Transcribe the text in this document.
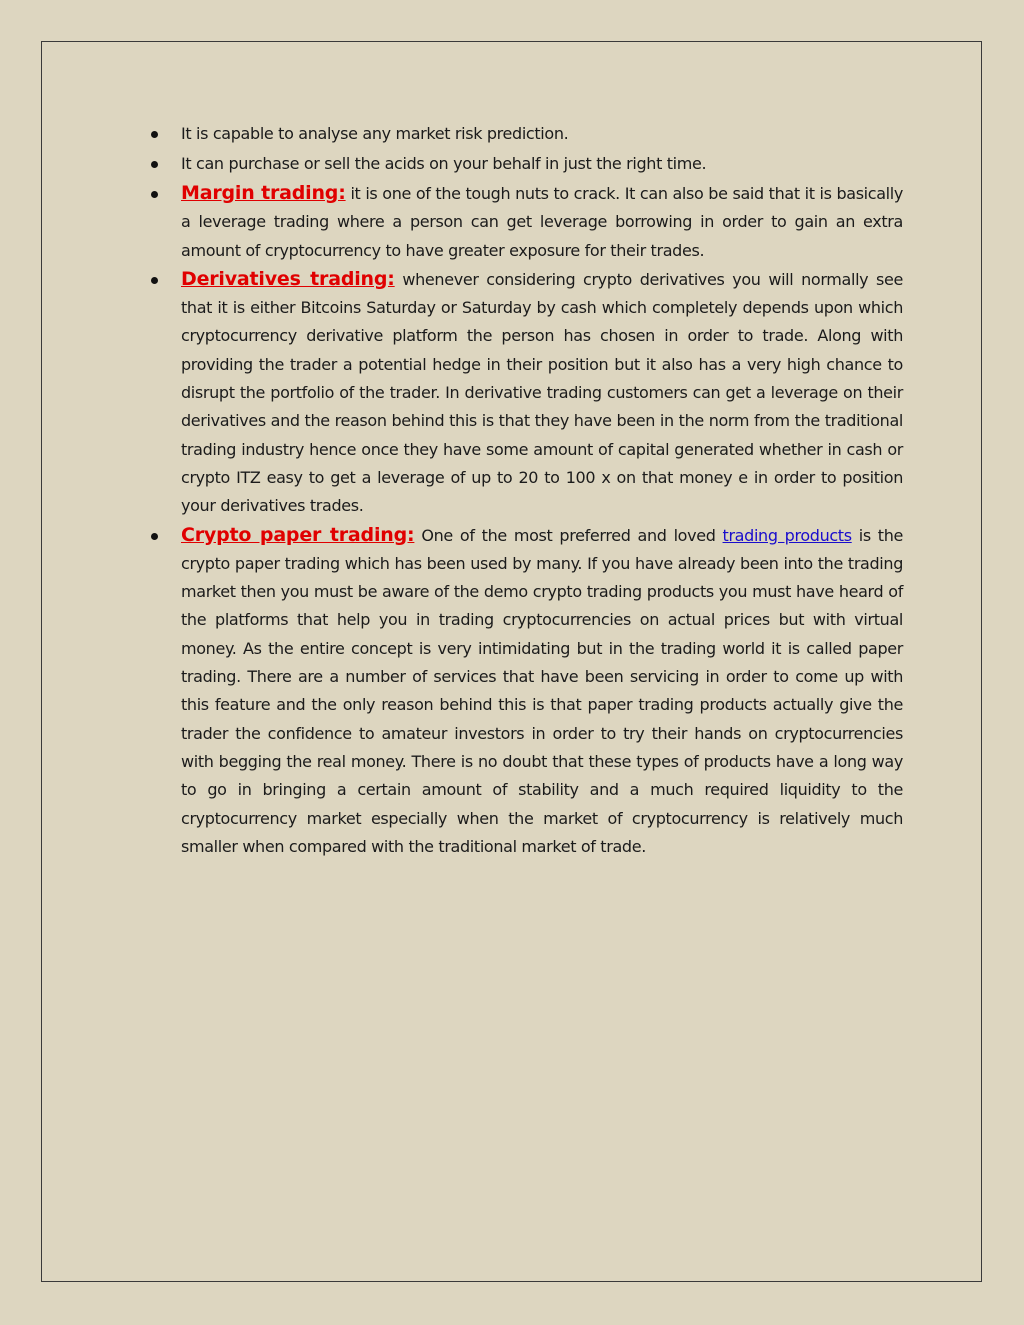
It is capable to analyse any market risk prediction.
It can purchase or sell the acids on your behalf in just the right time.
Margin trading: it is one of the tough nuts to crack. It can also be said that it is basically a leverage trading where a person can get leverage borrowing in order to gain an extra amount of cryptocurrency to have greater exposure for their trades.
Derivatives trading: whenever considering crypto derivatives you will normally see that it is either Bitcoins Saturday or Saturday by cash which completely depends upon which cryptocurrency derivative platform the person has chosen in order to trade. Along with providing the trader a potential hedge in their position but it also has a very high chance to disrupt the portfolio of the trader. In derivative trading customers can get a leverage on their derivatives and the reason behind this is that they have been in the norm from the traditional trading industry hence once they have some amount of capital generated whether in cash or crypto ITZ easy to get a leverage of up to 20 to 100 x on that money e in order to position your derivatives trades.
Crypto paper trading: One of the most preferred and loved trading products is the crypto paper trading which has been used by many. If you have already been into the trading market then you must be aware of the demo crypto trading products you must have heard of the platforms that help you in trading cryptocurrencies on actual prices but with virtual money. As the entire concept is very intimidating but in the trading world it is called paper trading. There are a number of services that have been servicing in order to come up with this feature and the only reason behind this is that paper trading products actually give the trader the confidence to amateur investors in order to try their hands on cryptocurrencies with begging the real money. There is no doubt that these types of products have a long way to go in bringing a certain amount of stability and a much required liquidity to the cryptocurrency market especially when the market of cryptocurrency is relatively much smaller when compared with the traditional market of trade.
